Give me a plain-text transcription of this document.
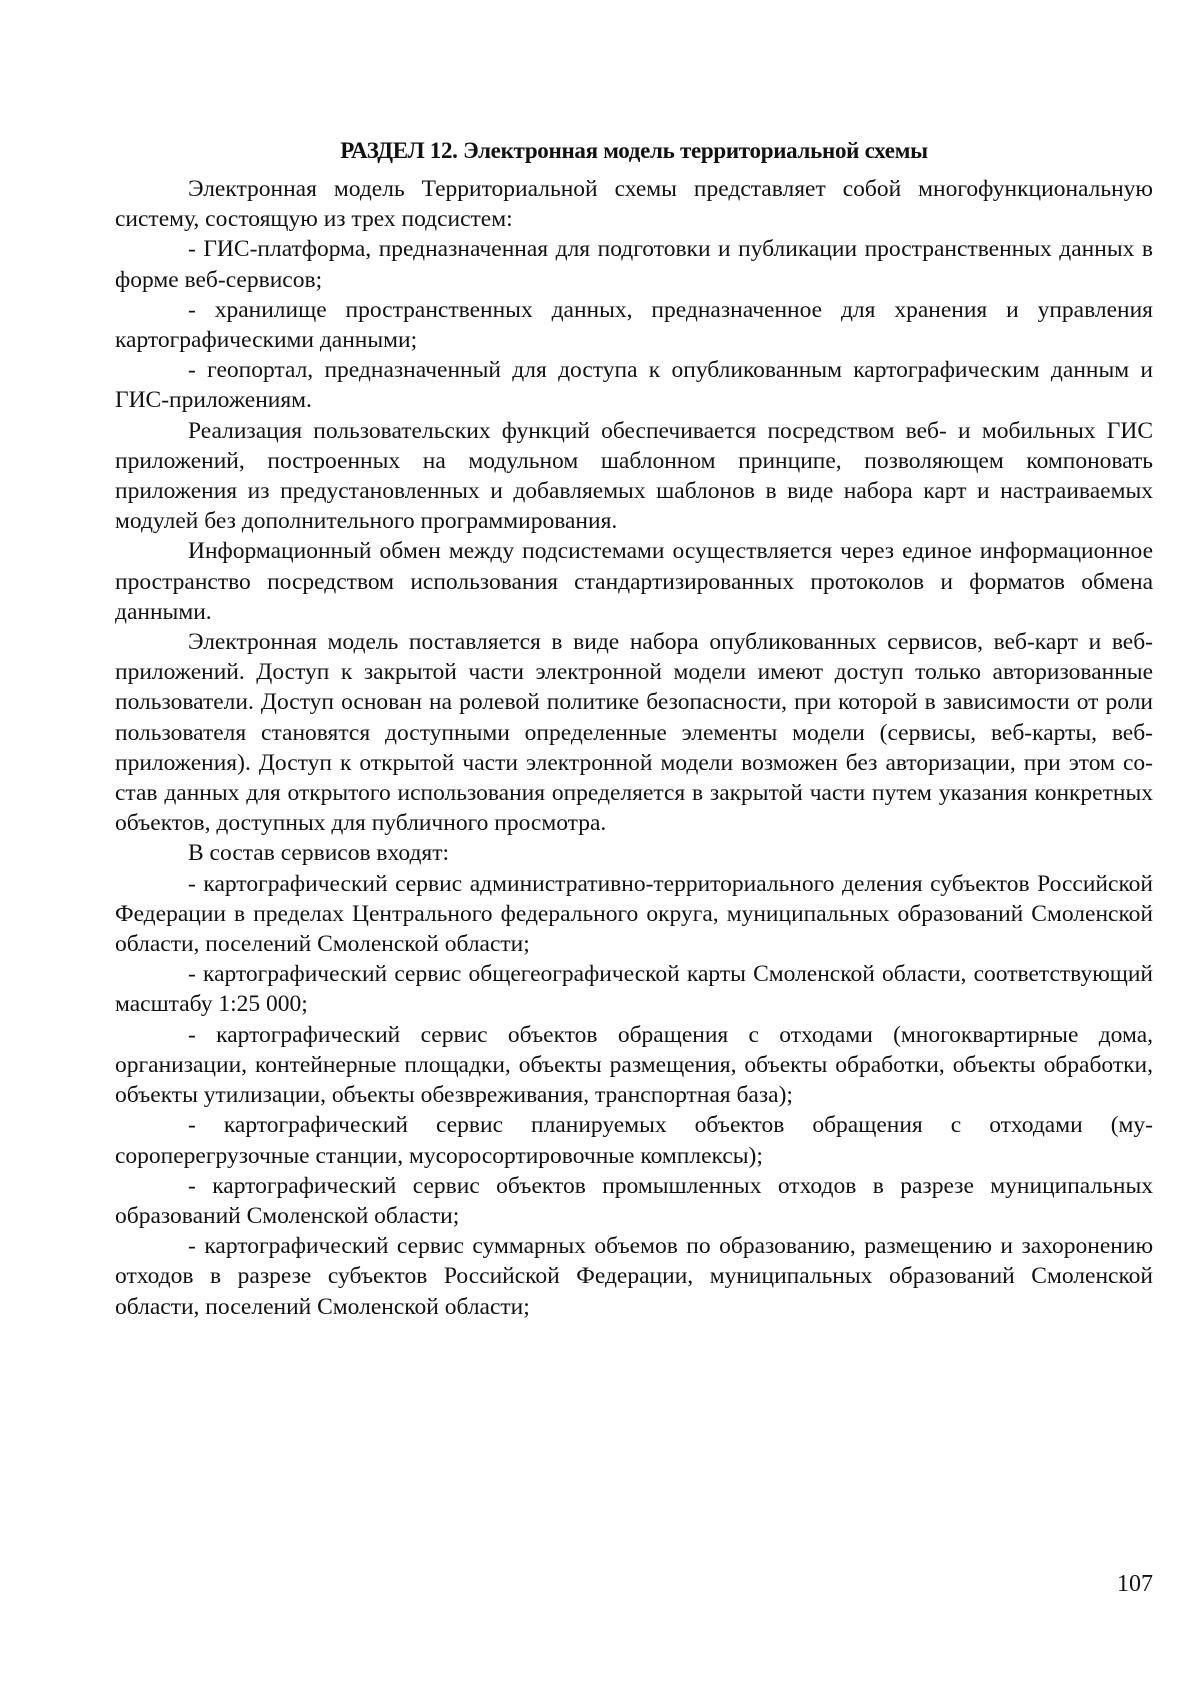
РАЗДЕЛ 12. Электронная модель территориальной схемы

Электронная модель Территориальной схемы представляет собой многофункциональную систему, состоящую из трех подсистем:

- ГИС-платформа, предназначенная для подготовки и публикации пространственных данных в форме веб-сервисов;

- хранилище пространственных данных, предназначенное для хранения и управления картографическими данными;

- геопортал, предназначенный для доступа к опубликованным картографическим данным и ГИС-приложениям.

Реализация пользовательских функций обеспечивается посредством веб- и мобильных ГИС приложений, построенных на модульном шаблонном принципе, позволяющем компоновать приложения из предустановленных и добавляемых шаблонов в виде набора карт и настраиваемых модулей без дополнительного программирования.

Информационный обмен между подсистемами осуществляется через единое информационное пространство посредством использования стандартизированных протоколов и форматов обмена данными.

Электронная модель поставляется в виде набора опубликованных сервисов, веб-карт и веб-приложений. Доступ к закрытой части электронной модели имеют доступ только авторизованные пользователи. Доступ основан на ролевой политике безопасности, при которой в зависимости от роли пользователя становятся доступными определенные элементы модели (сервисы, веб-карты, веб-приложения). Доступ к открытой части электронной модели возможен без авторизации, при этом состав данных для открытого использования определяется в закрытой части путем указания конкретных объектов, доступных для публичного просмотра.

В состав сервисов входят:

- картографический сервис административно-территориального деления субъектов Российской Федерации в пределах Центрального федерального округа, муниципальных образований Смоленской области, поселений Смоленской области;

- картографический сервис общегеографической карты Смоленской области, соответствующий масштабу 1:25 000;

- картографический сервис объектов обращения с отходами (многоквартирные дома, организации, контейнерные площадки, объекты размещения, объекты обработки, объекты обработки, объекты утилизации, объекты обезвреживания, транспортная база);

- картографический сервис планируемых объектов обращения с отходами (мусороперегрузочные станции, мусоросортировочные комплексы);

- картографический сервис объектов промышленных отходов в разрезе муниципальных образований Смоленской области;

- картографический сервис суммарных объемов по образованию, размещению и захоронению отходов в разрезе субъектов Российской Федерации, муниципальных образований Смоленской области, поселений Смоленской области;

107
